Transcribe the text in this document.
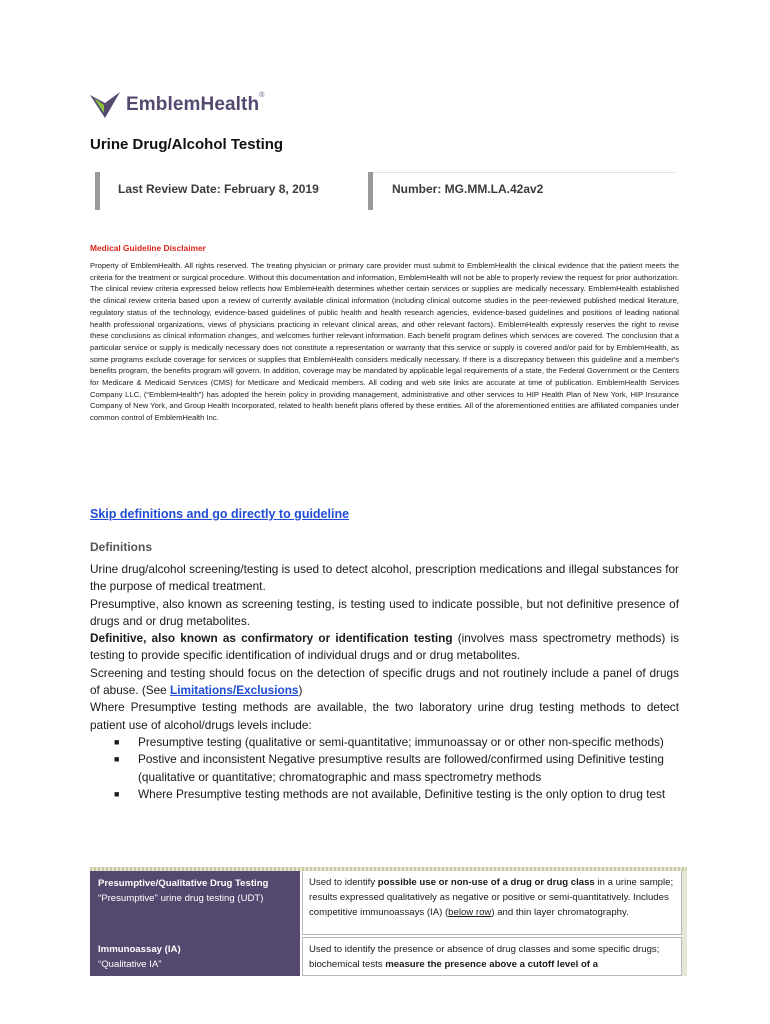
EmblemHealth®
Urine Drug/Alcohol Testing
Last Review Date: February 8, 2019	Number: MG.MM.LA.42av2
Medical Guideline Disclaimer
Property of EmblemHealth. All rights reserved. The treating physician or primary care provider must submit to EmblemHealth the clinical evidence that the patient meets the criteria for the treatment or surgical procedure. Without this documentation and information, EmblemHealth will not be able to properly review the request for prior authorization. The clinical review criteria expressed below reflects how EmblemHealth determines whether certain services or supplies are medically necessary. EmblemHealth established the clinical review criteria based upon a review of currently available clinical information (including clinical outcome studies in the peer-reviewed published medical literature, regulatory status of the technology, evidence-based guidelines of public health and health research agencies, evidence-based guidelines and positions of leading national health professional organizations, views of physicians practicing in relevant clinical areas, and other relevant factors). EmblemHealth expressly reserves the right to revise these conclusions as clinical information changes, and welcomes further relevant information. Each benefit program defines which services are covered. The conclusion that a particular service or supply is medically necessary does not constitute a representation or warranty that this service or supply is covered and/or paid for by EmblemHealth, as some programs exclude coverage for services or supplies that EmblemHealth considers medically necessary. If there is a discrepancy between this guideline and a member's benefits program, the benefits program will govern. In addition, coverage may be mandated by applicable legal requirements of a state, the Federal Government or the Centers for Medicare & Medicaid Services (CMS) for Medicare and Medicaid members. All coding and web site links are accurate at time of publication. EmblemHealth Services Company LLC, (“EmblemHealth”) has adopted the herein policy in providing management, administrative and other services to HIP Health Plan of New York, HIP Insurance Company of New York, and Group Health Incorporated, related to health benefit plans offered by these entities. All of the aforementioned entities are affiliated companies under common control of EmblemHealth Inc.
Skip definitions and go directly to guideline
Definitions

Urine drug/alcohol screening/testing is used to detect alcohol, prescription medications and illegal substances for the purpose of medical treatment.

Presumptive, also known as screening testing, is testing used to indicate possible, but not definitive presence of drugs and or drug metabolites.

Definitive, also known as confirmatory or identification testing (involves mass spectrometry methods) is testing to provide specific identification of individual drugs and or drug metabolites.

Screening and testing should focus on the detection of specific drugs and not routinely include a panel of drugs of abuse. (See Limitations/Exclusions)

Where Presumptive testing methods are available, the two laboratory urine drug testing methods to detect patient use of alcohol/drugs levels include:

■ Presumptive testing (qualitative or semi-quantitative; immunoassay or or other non-specific methods)
■ Postive and inconsistent Negative presumptive results are followed/confirmed using Definitive testing (qualitative or quantitative; chromatographic and mass spectrometry methods
■ Where Presumptive testing methods are not available, Definitive testing is the only option to drug test
Presumptive/Qualitative Drug Testing
“Presumptive" urine drug testing (UDT)
Used to identify possible use or non-use of a drug or drug class in a urine sample; results expressed qualitatively as negative or positive or semi-quantitatively. Includes competitive immunoassays (IA) (below row) and thin layer chromatography.
Immunoassay (IA)
“Qualitative IA”
Used to identify the presence or absence of drug classes and some specific drugs; biochemical tests measure the presence above a cutoff level of a
